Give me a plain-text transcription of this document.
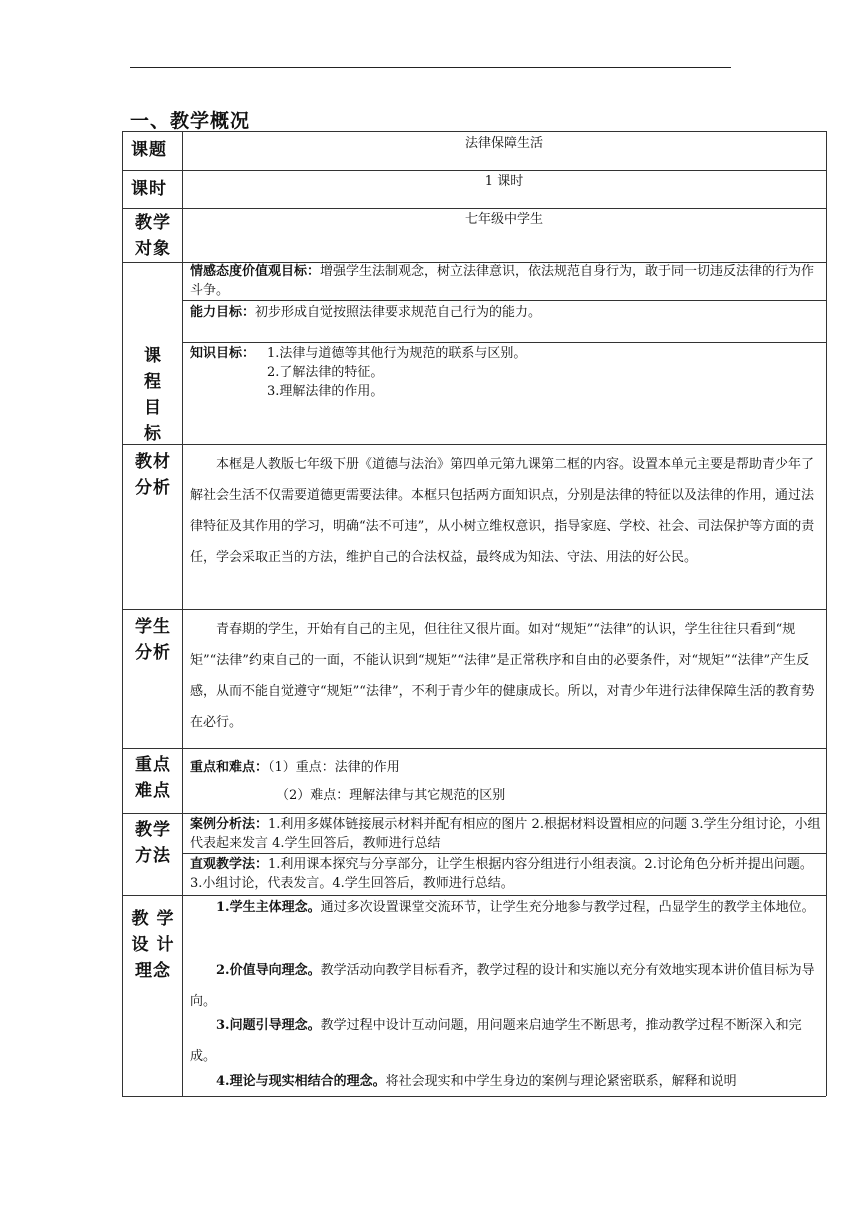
一、教学概况
课题	法律保障生活
课时	1 课时
教学
对象
七年级中学生
课
程
目
标
情感态度价值观目标：增强学生法制观念，树立法律意识，依法规范自身行为，敢于同一切违反法律的行为作斗争。
能力目标：初步形成自觉按照法律要求规范自己行为的能力。
知识目标： 1.法律与道德等其他行为规范的联系与区别。
2.了解法律的特征。
3.理解法律的作用。
教材
分析

本框是人教版七年级下册《道德与法治》第四单元第九课第二框的内容。设置本单元主要是帮助青少年了解社会生活不仅需要道德更需要法律。本框只包括两方面知识点，分别是法律的特征以及法律的作用，通过法律特征及其作用的学习，明确“法不可违”，从小树立维权意识，指导家庭、学校、社会、司法保护等方面的责任，学会采取正当的方法，维护自己的合法权益，最终成为知法、守法、用法的好公民。

学生
分析

青春期的学生，开始有自己的主见，但往往又很片面。如对“规矩”“法律”的认识，学生往往只看到“规矩”“法律”约束自己的一面，不能认识到“规矩”“法律”是正常秩序和自由的必要条件，对“规矩”“法律”产生反感，从而不能自觉遵守“规矩”“法律”，不利于青少年的健康成长。所以，对青少年进行法律保障生活的教育势在必行。

重点
难点
重点和难点：（1）重点：法律的作用
（2）难点：理解法律与其它规范的区别
教学
方法
案例分析法：1.利用多媒体链接展示材料并配有相应的图片 2.根据材料设置相应的问题 3.学生分组讨论，小组代表起来发言 4.学生回答后，教师进行总结
直观教学法：1.利用课本探究与分享部分，让学生根据内容分组进行小组表演。2.讨论角色分析并提出问题。3.小组讨论，代表发言。4.学生回答后，教师进行总结。
教 学
设 计
理念

1.学生主体理念。通过多次设置课堂交流环节，让学生充分地参与教学过程，凸显学生的教学主体地位。

2.价值导向理念。教学活动向教学目标看齐，教学过程的设计和实施以充分有效地实现本讲价值目标为导向。

3.问题引导理念。教学过程中设计互动问题，用问题来启迪学生不断思考，推动教学过程不断深入和完成。

4.理论与现实相结合的理念。将社会现实和中学生身边的案例与理论紧密联系，解释和说明
